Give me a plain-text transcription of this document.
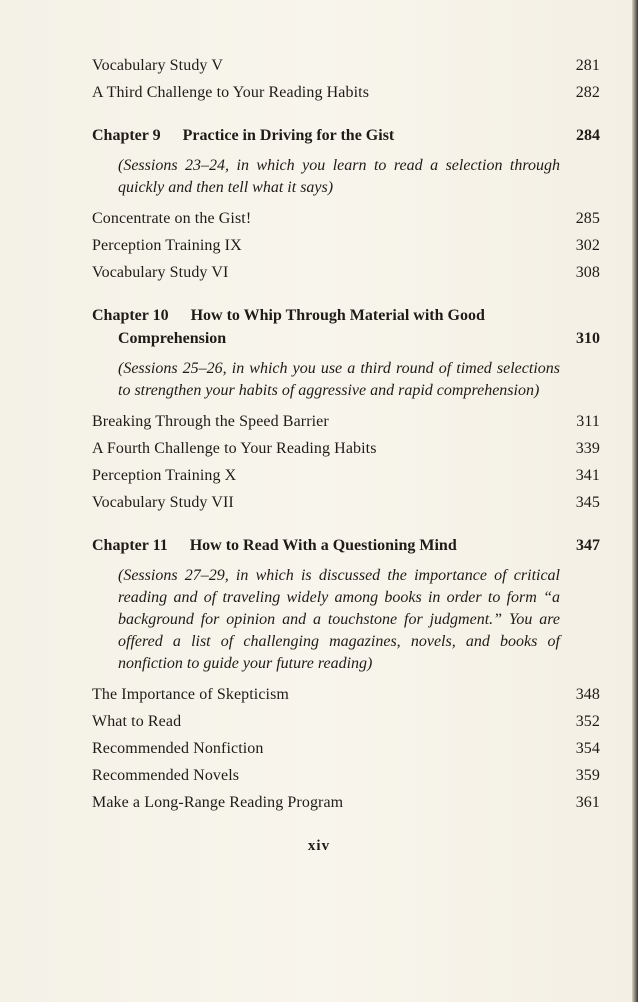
Vocabulary Study V	281
A Third Challenge to Your Reading Habits	282
Chapter 9 Practice in Driving for the Gist	284
(Sessions 23–24, in which you learn to read a selection through quickly and then tell what it says)
Concentrate on the Gist!	285
Perception Training IX	302
Vocabulary Study VI	308
Chapter 10 How to Whip Through Material with Good
Comprehension	310
(Sessions 25–26, in which you use a third round of timed selections to strengthen your habits of aggressive and rapid comprehension)
Breaking Through the Speed Barrier	311
A Fourth Challenge to Your Reading Habits	339
Perception Training X	341
Vocabulary Study VII	345
Chapter 11 How to Read With a Questioning Mind	347
(Sessions 27–29, in which is discussed the importance of critical reading and of traveling widely among books in order to form “a background for opinion and a touchstone for judgment.” You are offered a list of challenging magazines, novels, and books of nonfiction to guide your future reading)
The Importance of Skepticism	348
What to Read	352
Recommended Nonfiction	354
Recommended Novels	359
Make a Long-Range Reading Program	361
xiv
